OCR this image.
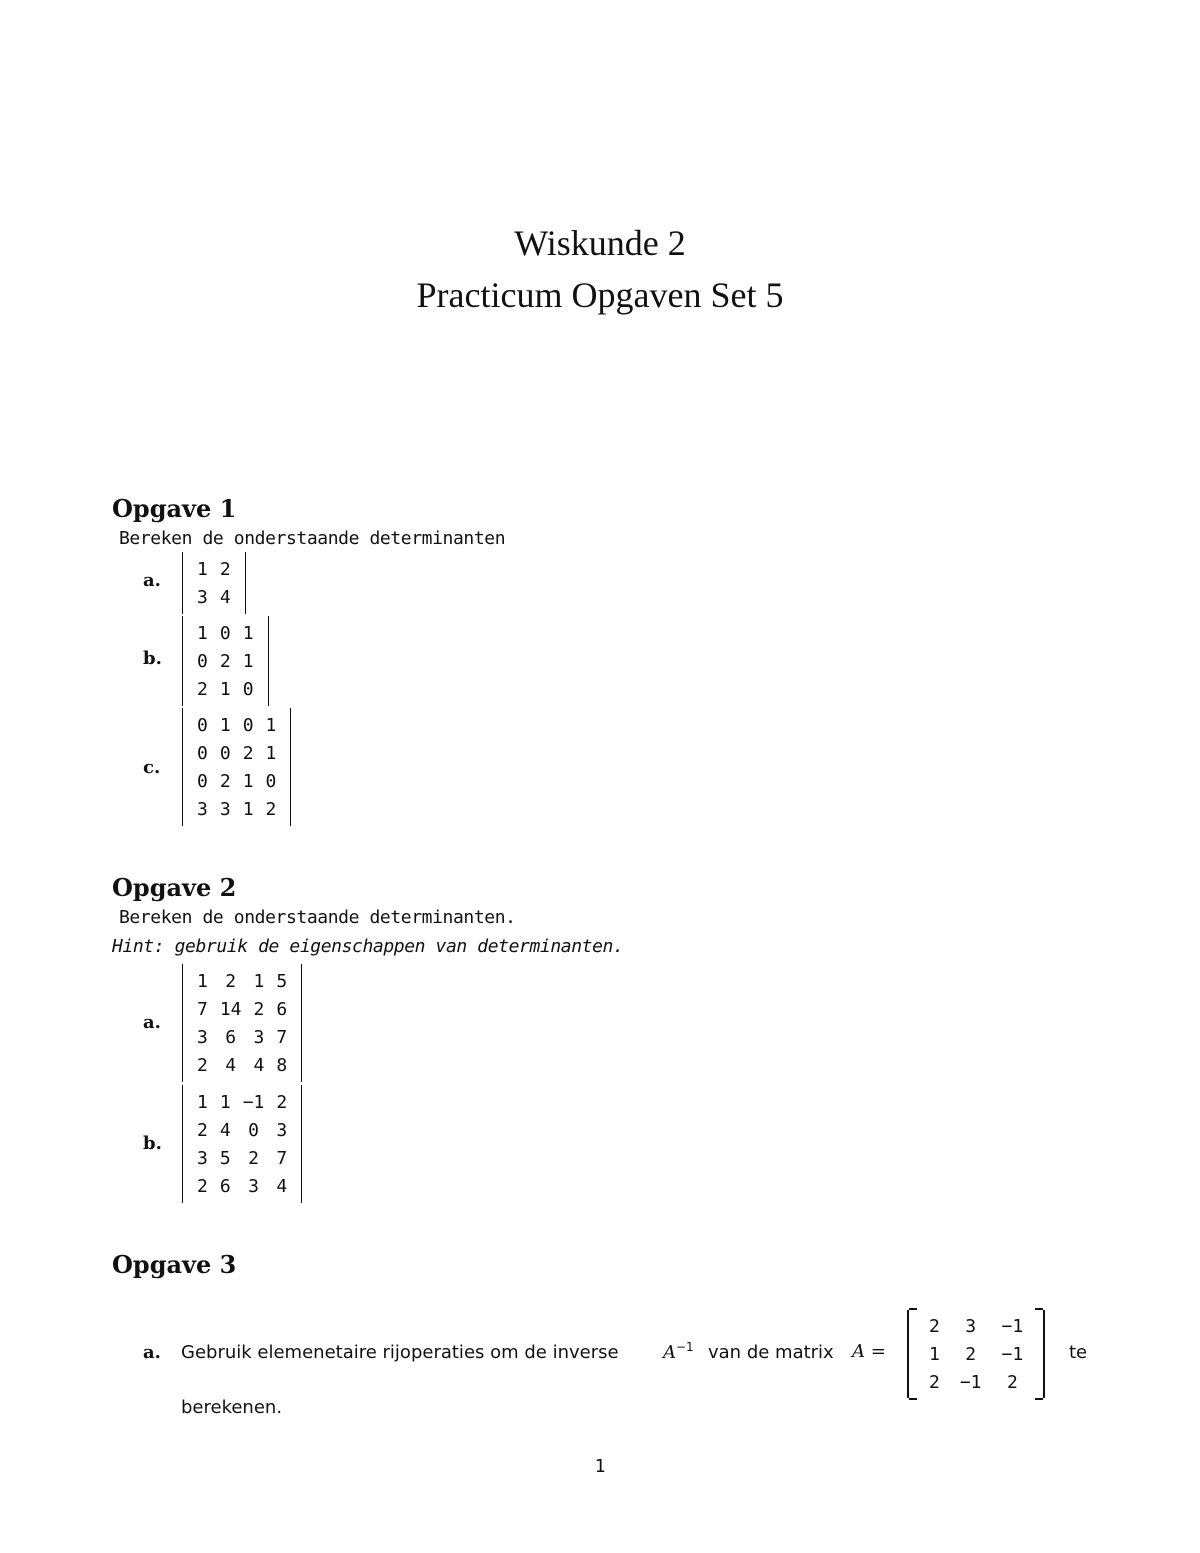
Wiskunde 2
Practicum Opgaven Set 5
Opgave 1
Bereken de onderstaande determinanten
a.
1	2
3	4
b.
1	0	1
0	2	1
2	1	0
c.
0	1	0	1
0	0	2	1
0	2	1	0
3	3	1	2
Opgave 2
Bereken de onderstaande determinanten.
Hint: gebruik de eigenschappen van determinanten.
a.
1	2	1	5
7	14	2	6
3	6	3	7
2	4	4	8
b.
1	1	−1	2
2	4	0	3
3	5	2	7
2	6	3	4
Opgave 3
a. Gebruik elemenetaire rijoperaties om de inverse $A^{-1}$ van de matrix A =
2	3	−1
1	2	−1
2	−1	2
te
berekenen.
1
